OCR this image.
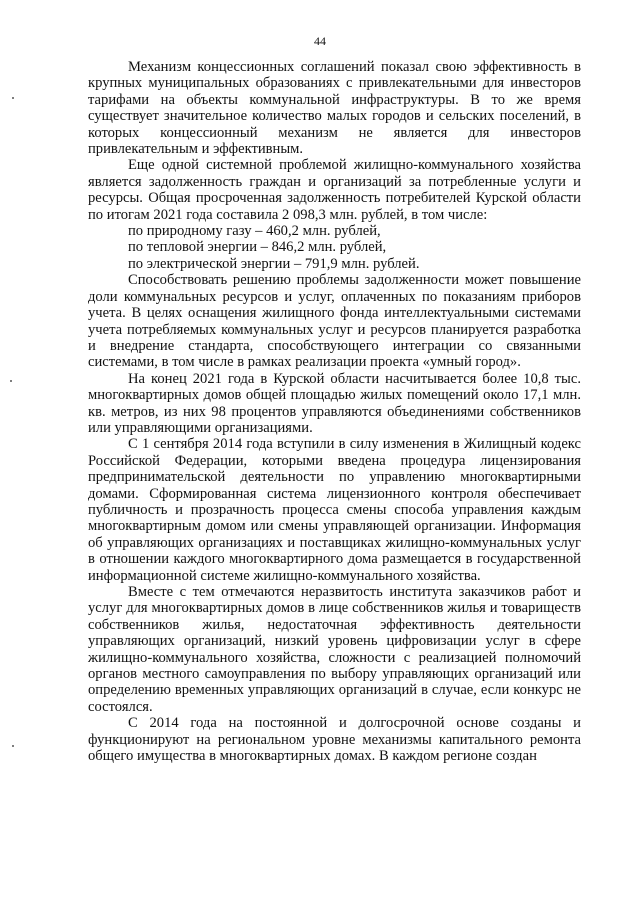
44

Механизм концессионных соглашений показал свою эффективность в крупных муниципальных образованиях с привлекательными для инвесторов тарифами на объекты коммунальной инфраструктуры. В то же время существует значительное количество малых городов и сельских поселений, в которых концессионный механизм не является для инвесторов привлекательным и эффективным.

Еще одной системной проблемой жилищно-коммунального хозяйства является задолженность граждан и организаций за потребленные услуги и ресурсы. Общая просроченная задолженность потребителей Курской области по итогам 2021 года составила 2 098,3 млн. рублей, в том числе:

по природному газу – 460,2 млн. рублей,

по тепловой энергии – 846,2 млн. рублей,

по электрической энергии – 791,9 млн. рублей.

Способствовать решению проблемы задолженности может повышение доли коммунальных ресурсов и услуг, оплаченных по показаниям приборов учета. В целях оснащения жилищного фонда интеллектуальными системами учета потребляемых коммунальных услуг и ресурсов планируется разработка и внедрение стандарта, способствующего интеграции со связанными системами, в том числе в рамках реализации проекта «умный город».

На конец 2021 года в Курской области насчитывается более 10,8 тыс. многоквартирных домов общей площадью жилых помещений около 17,1 млн. кв. метров, из них 98 процентов управляются объединениями собственников или управляющими организациями.

С 1 сентября 2014 года вступили в силу изменения в Жилищный кодекс Российской Федерации, которыми введена процедура лицензирования предпринимательской деятельности по управлению многоквартирными домами. Сформированная система лицензионного контроля обеспечивает публичность и прозрачность процесса смены способа управления каждым многоквартирным домом или смены управляющей организации. Информация об управляющих организациях и поставщиках жилищно-коммунальных услуг в отношении каждого многоквартирного дома размещается в государственной информационной системе жилищно-коммунального хозяйства.

Вместе с тем отмечаются неразвитость института заказчиков работ и услуг для многоквартирных домов в лице собственников жилья и товариществ собственников жилья, недостаточная эффективность деятельности управляющих организаций, низкий уровень цифровизации услуг в сфере жилищно-коммунального хозяйства, сложности с реализацией полномочий органов местного самоуправления по выбору управляющих организаций или определению временных управляющих организаций в случае, если конкурс не состоялся.

С 2014 года на постоянной и долгосрочной основе созданы и функционируют на региональном уровне механизмы капитального ремонта общего имущества в многоквартирных домах. В каждом регионе создан
